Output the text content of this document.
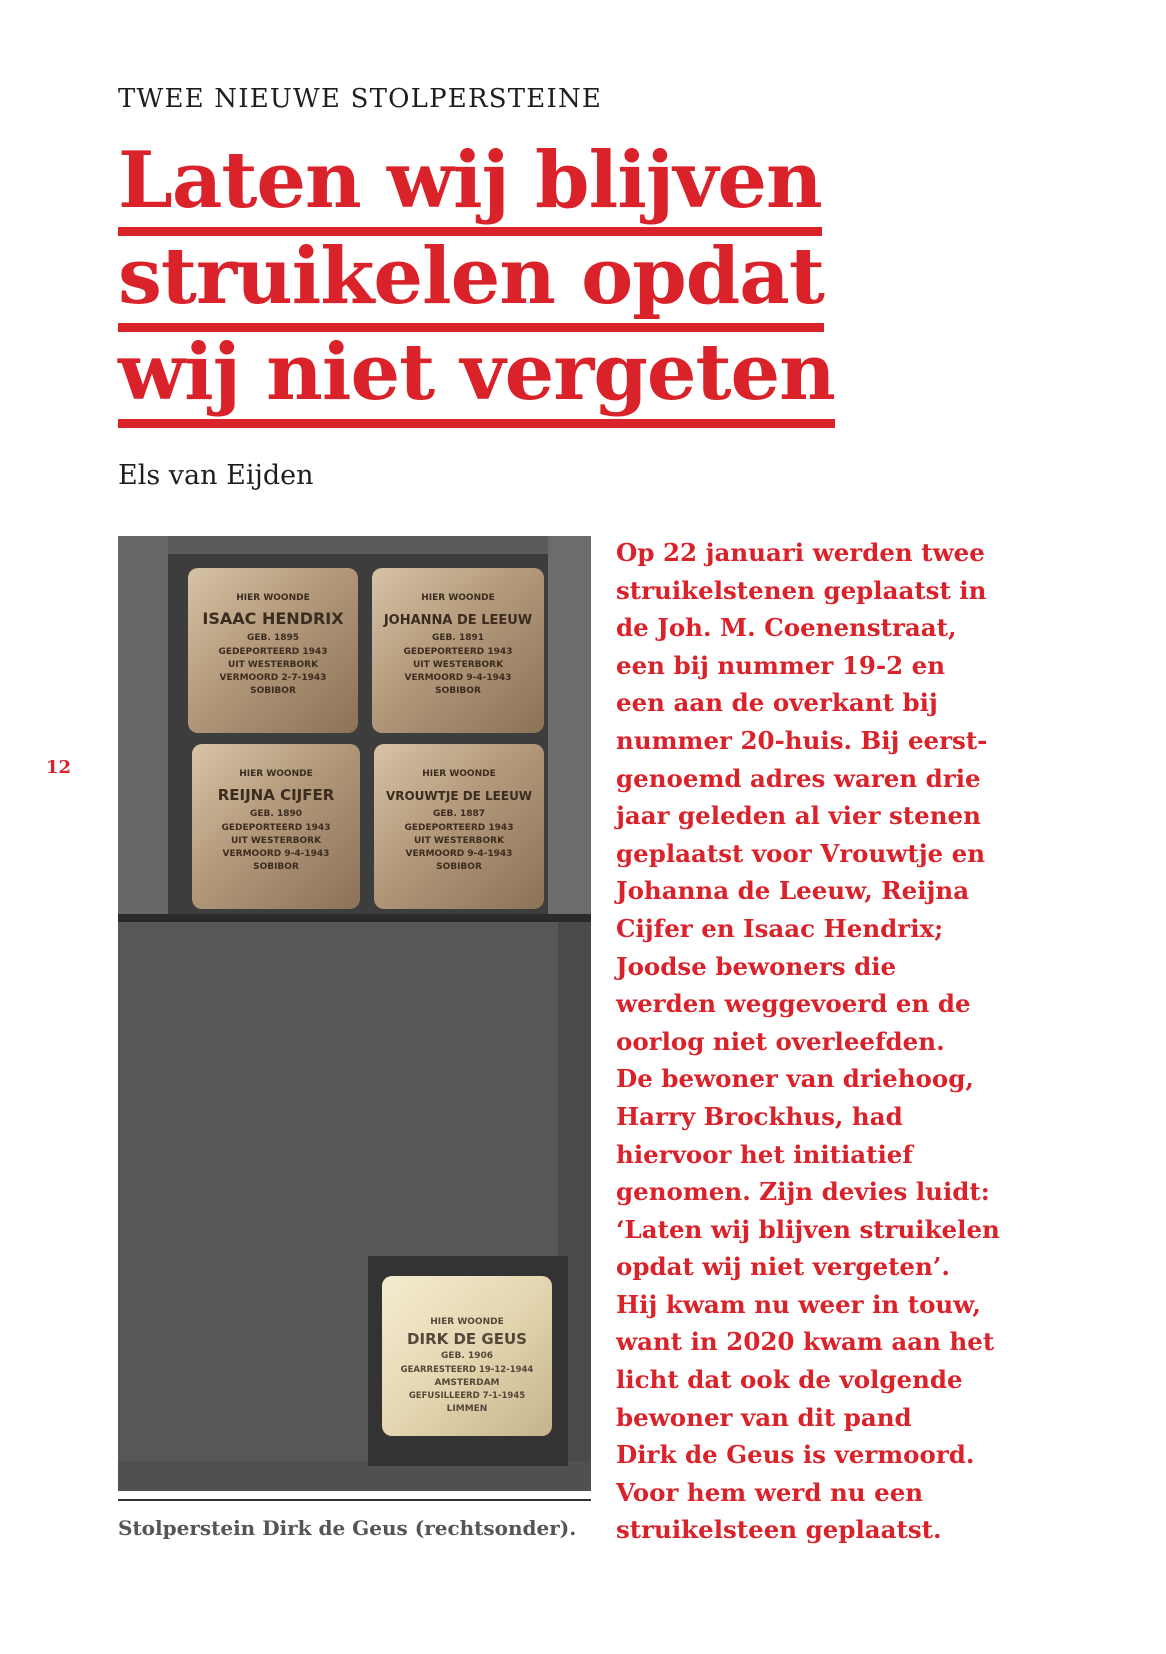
TWEE NIEUWE STOLPERSTEINE
Laten wij blijven
struikelen opdat
wij niet vergeten
Els van Eijden
12
HIER WOONDE
ISAAC HENDRIX
GEB. 1895
GEDEPORTEERD 1943
UIT WESTERBORK
VERMOORD 2-7-1943
SOBIBOR
HIER WOONDE
JOHANNA DE LEEUW
GEB. 1891
GEDEPORTEERD 1943
UIT WESTERBORK
VERMOORD 9-4-1943
SOBIBOR
HIER WOONDE
REIJNA CIJFER
GEB. 1890
GEDEPORTEERD 1943
UIT WESTERBORK
VERMOORD 9-4-1943
SOBIBOR
HIER WOONDE
VROUWTJE DE LEEUW
GEB. 1887
GEDEPORTEERD 1943
UIT WESTERBORK
VERMOORD 9-4-1943
SOBIBOR
HIER WOONDE
DIRK DE GEUS
GEB. 1906
GEARRESTEERD 19-12-1944
AMSTERDAM
GEFUSILLEERD 7-1-1945
LIMMEN
Stolperstein Dirk de Geus (rechtsonder).

Op 22 januari werden twee
struikelstenen geplaatst in
de Joh. M. Coenenstraat,
een bij nummer 19-2 en
een aan de overkant bij
nummer 20-huis. Bij eerst-
genoemd adres waren drie
jaar geleden al vier stenen
geplaatst voor Vrouwtje en
Johanna de Leeuw, Reijna
Cijfer en Isaac Hendrix;
Joodse bewoners die
werden weggevoerd en de
oorlog niet overleefden.
De bewoner van driehoog,
Harry Brockhus, had
hiervoor het initiatief
genomen. Zijn devies luidt:
‘Laten wij blijven struikelen
opdat wij niet vergeten’.
Hij kwam nu weer in touw,
want in 2020 kwam aan het
licht dat ook de volgende
bewoner van dit pand
Dirk de Geus is vermoord.
Voor hem werd nu een
struikelsteen geplaatst.
